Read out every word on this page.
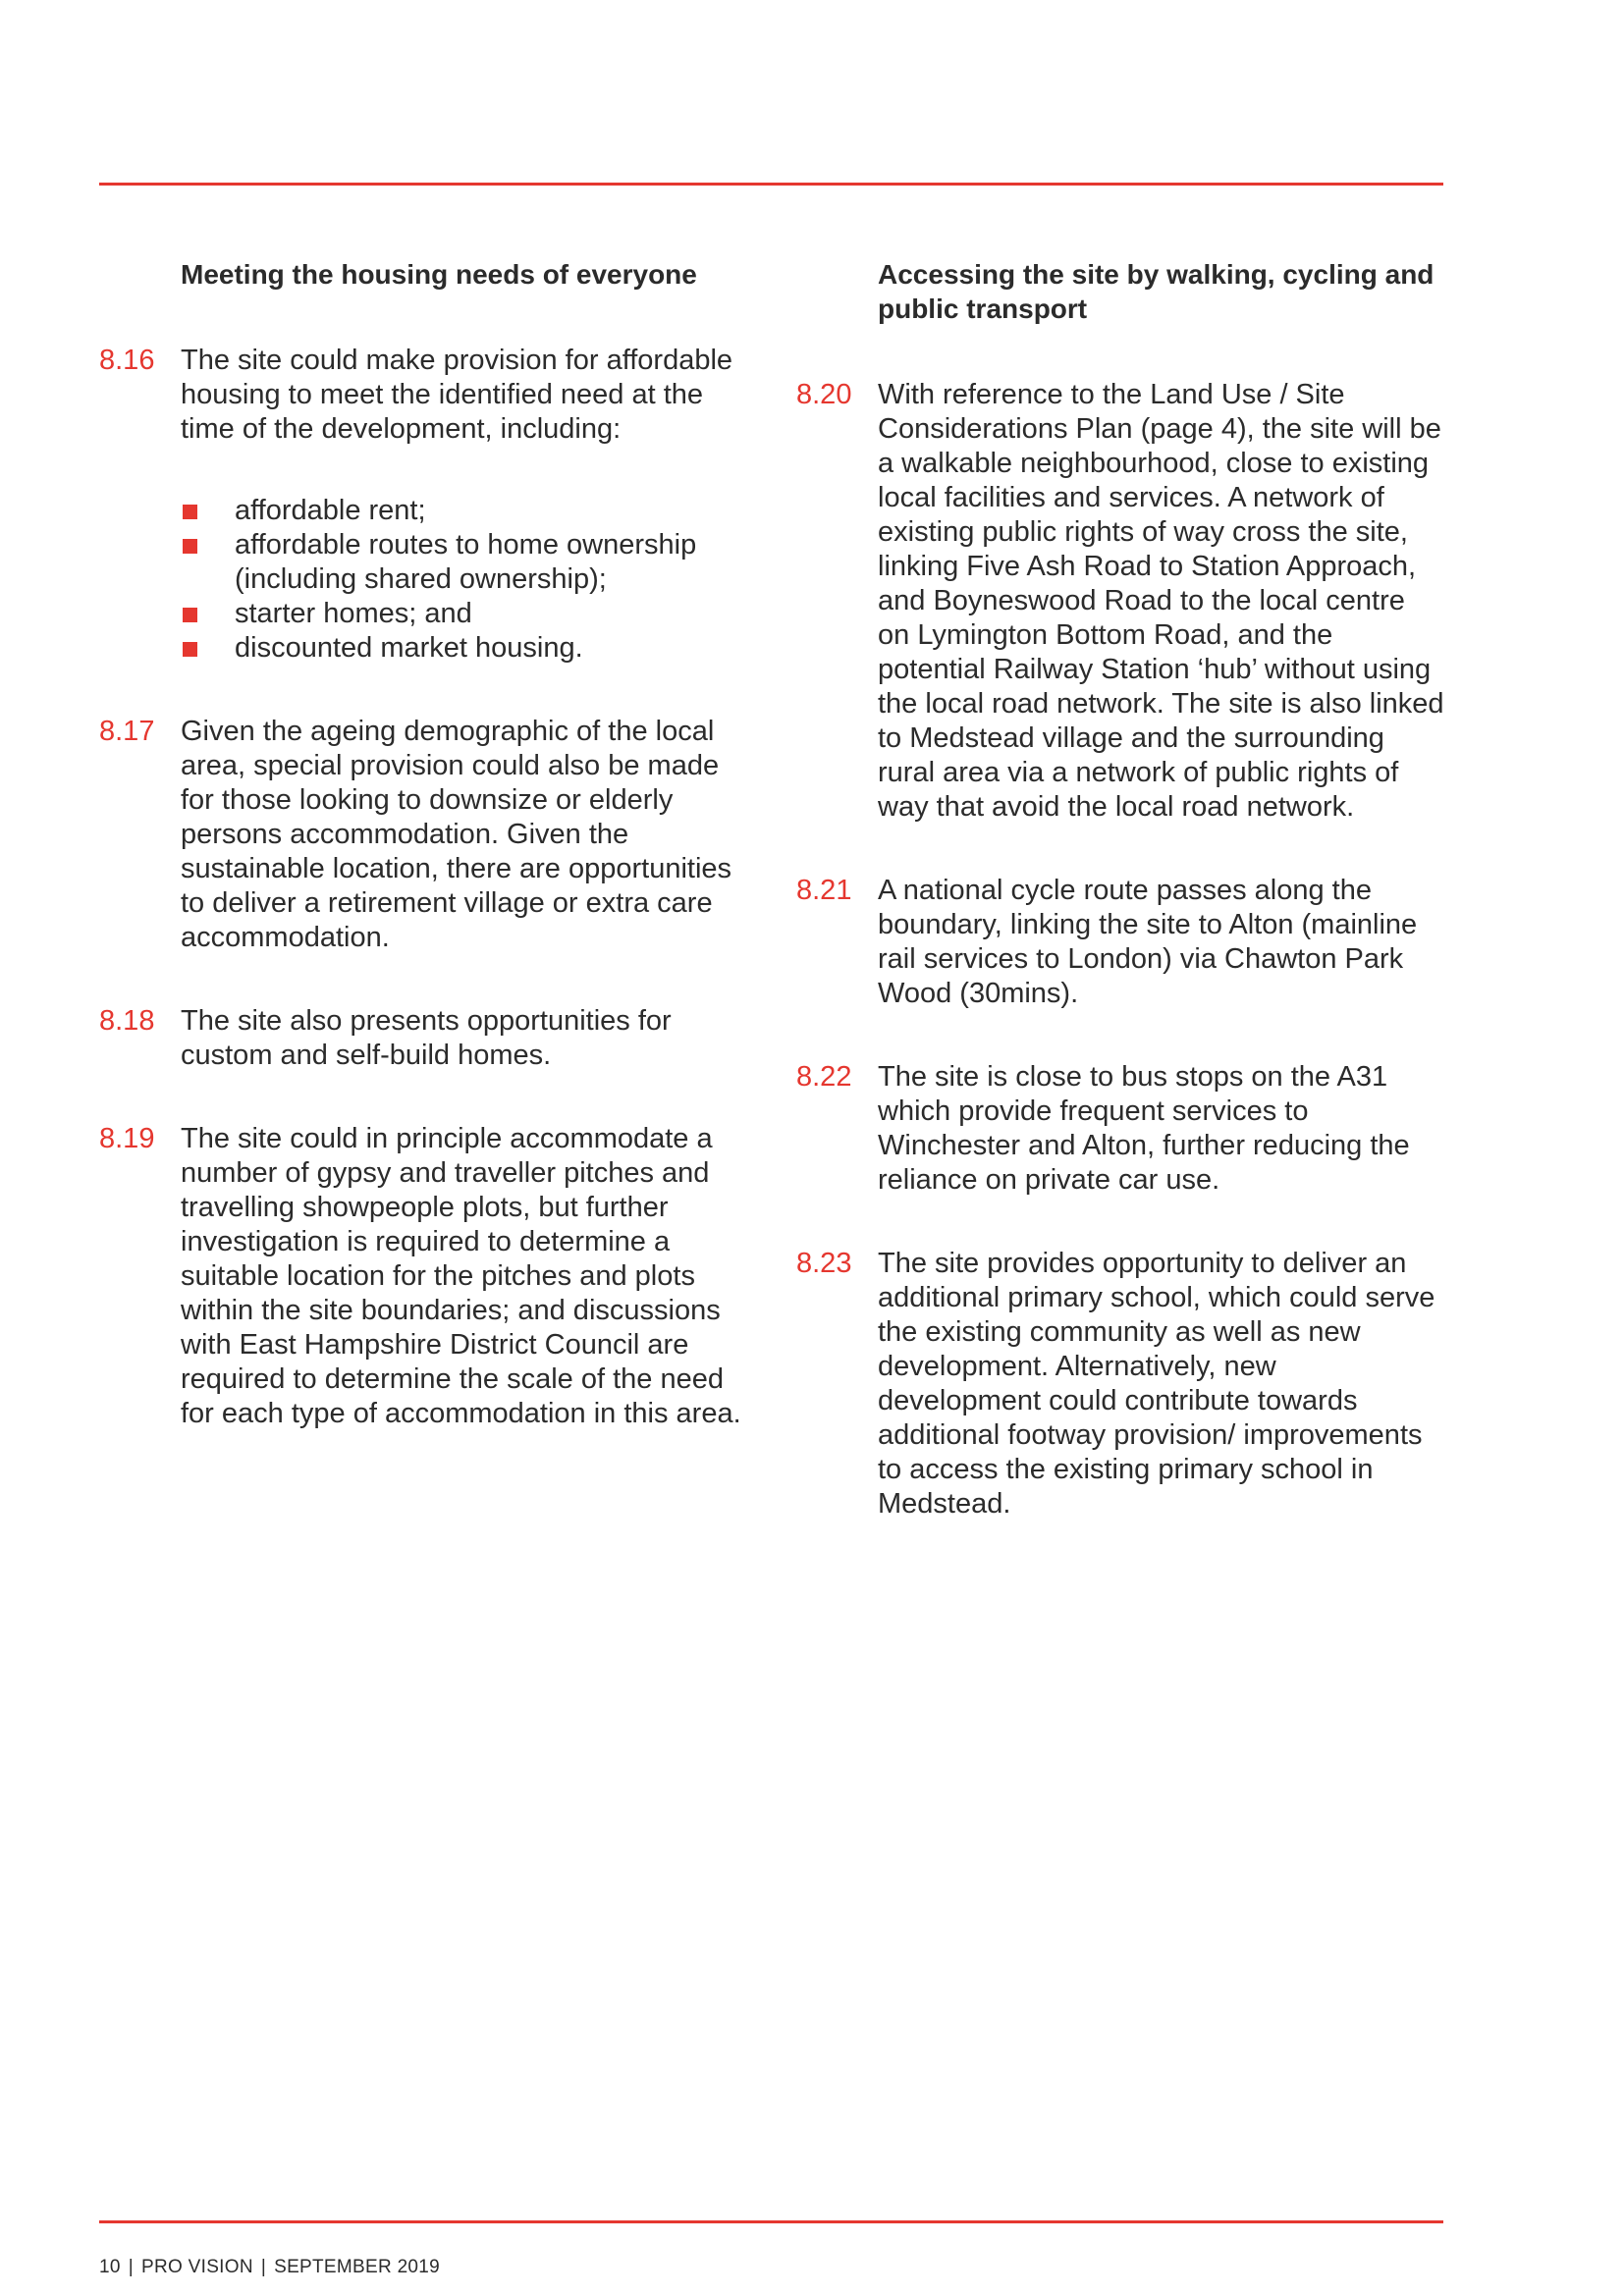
Meeting the housing needs of everyone
8.16 The site could make provision for affordable housing to meet the identified need at the time of the development, including:

affordable rent;
affordable routes to home ownership (including shared ownership);
starter homes; and
discounted market housing.
8.17 Given the ageing demographic of the local area, special provision could also be made for those looking to downsize or elderly persons accommodation. Given the sustainable location, there are opportunities to deliver a retirement village or extra care accommodation.

8.18 The site also presents opportunities for custom and self-build homes.

8.19 The site could in principle accommodate a number of gypsy and traveller pitches and travelling showpeople plots, but further investigation is required to determine a suitable location for the pitches and plots within the site boundaries; and discussions with East Hampshire District Council are required to determine the scale of the need for each type of accommodation in this area.

Accessing the site by walking, cycling and public transport
8.20 With reference to the Land Use / Site Considerations Plan (page 4), the site will be a walkable neighbourhood, close to existing local facilities and services. A network of existing public rights of way cross the site, linking Five Ash Road to Station Approach, and Boyneswood Road to the local centre on Lymington Bottom Road, and the potential Railway Station ‘hub’ without using the local road network. The site is also linked to Medstead village and the surrounding rural area via a network of public rights of way that avoid the local road network.

8.21 A national cycle route passes along the boundary, linking the site to Alton (mainline rail services to London) via Chawton Park Wood (30mins).

8.22 The site is close to bus stops on the A31 which provide frequent services to Winchester and Alton, further reducing the reliance on private car use.

8.23 The site provides opportunity to deliver an additional primary school, which could serve the existing community as well as new development. Alternatively, new development could contribute towards additional footway provision/ improvements to access the existing primary school in Medstead.

10 | PRO VISION | SEPTEMBER 2019
